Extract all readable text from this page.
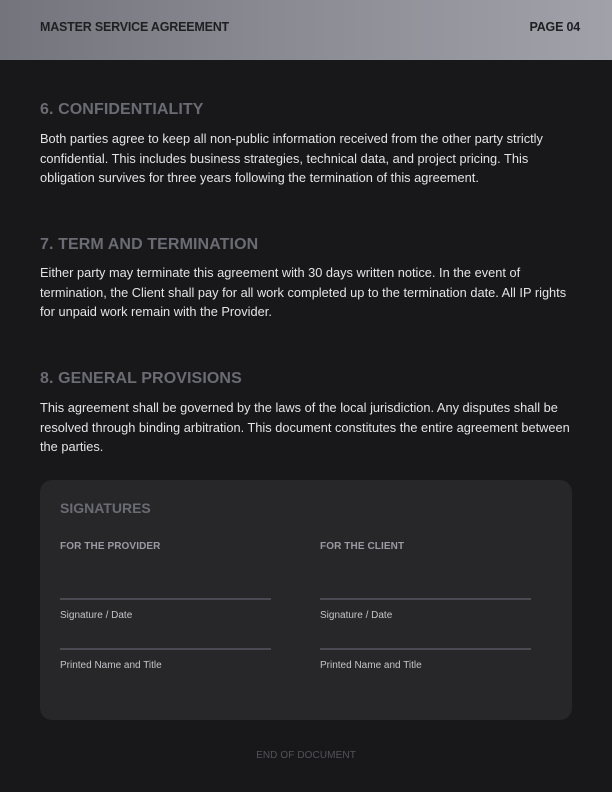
MASTER SERVICE AGREEMENT	PAGE 04
6. CONFIDENTIALITY
Both parties agree to keep all non-public information received from the other party strictly confidential. This includes business strategies, technical data, and project pricing. This obligation survives for three years following the termination of this agreement.
7. TERM AND TERMINATION
Either party may terminate this agreement with 30 days written notice. In the event of termination, the Client shall pay for all work completed up to the termination date. All IP rights for unpaid work remain with the Provider.
8. GENERAL PROVISIONS
This agreement shall be governed by the laws of the local jurisdiction. Any disputes shall be resolved through binding arbitration. This document constitutes the entire agreement between the parties.
SIGNATURES
FOR THE PROVIDER
Signature / Date
Printed Name and Title
FOR THE CLIENT
Signature / Date
Printed Name and Title
END OF DOCUMENT
